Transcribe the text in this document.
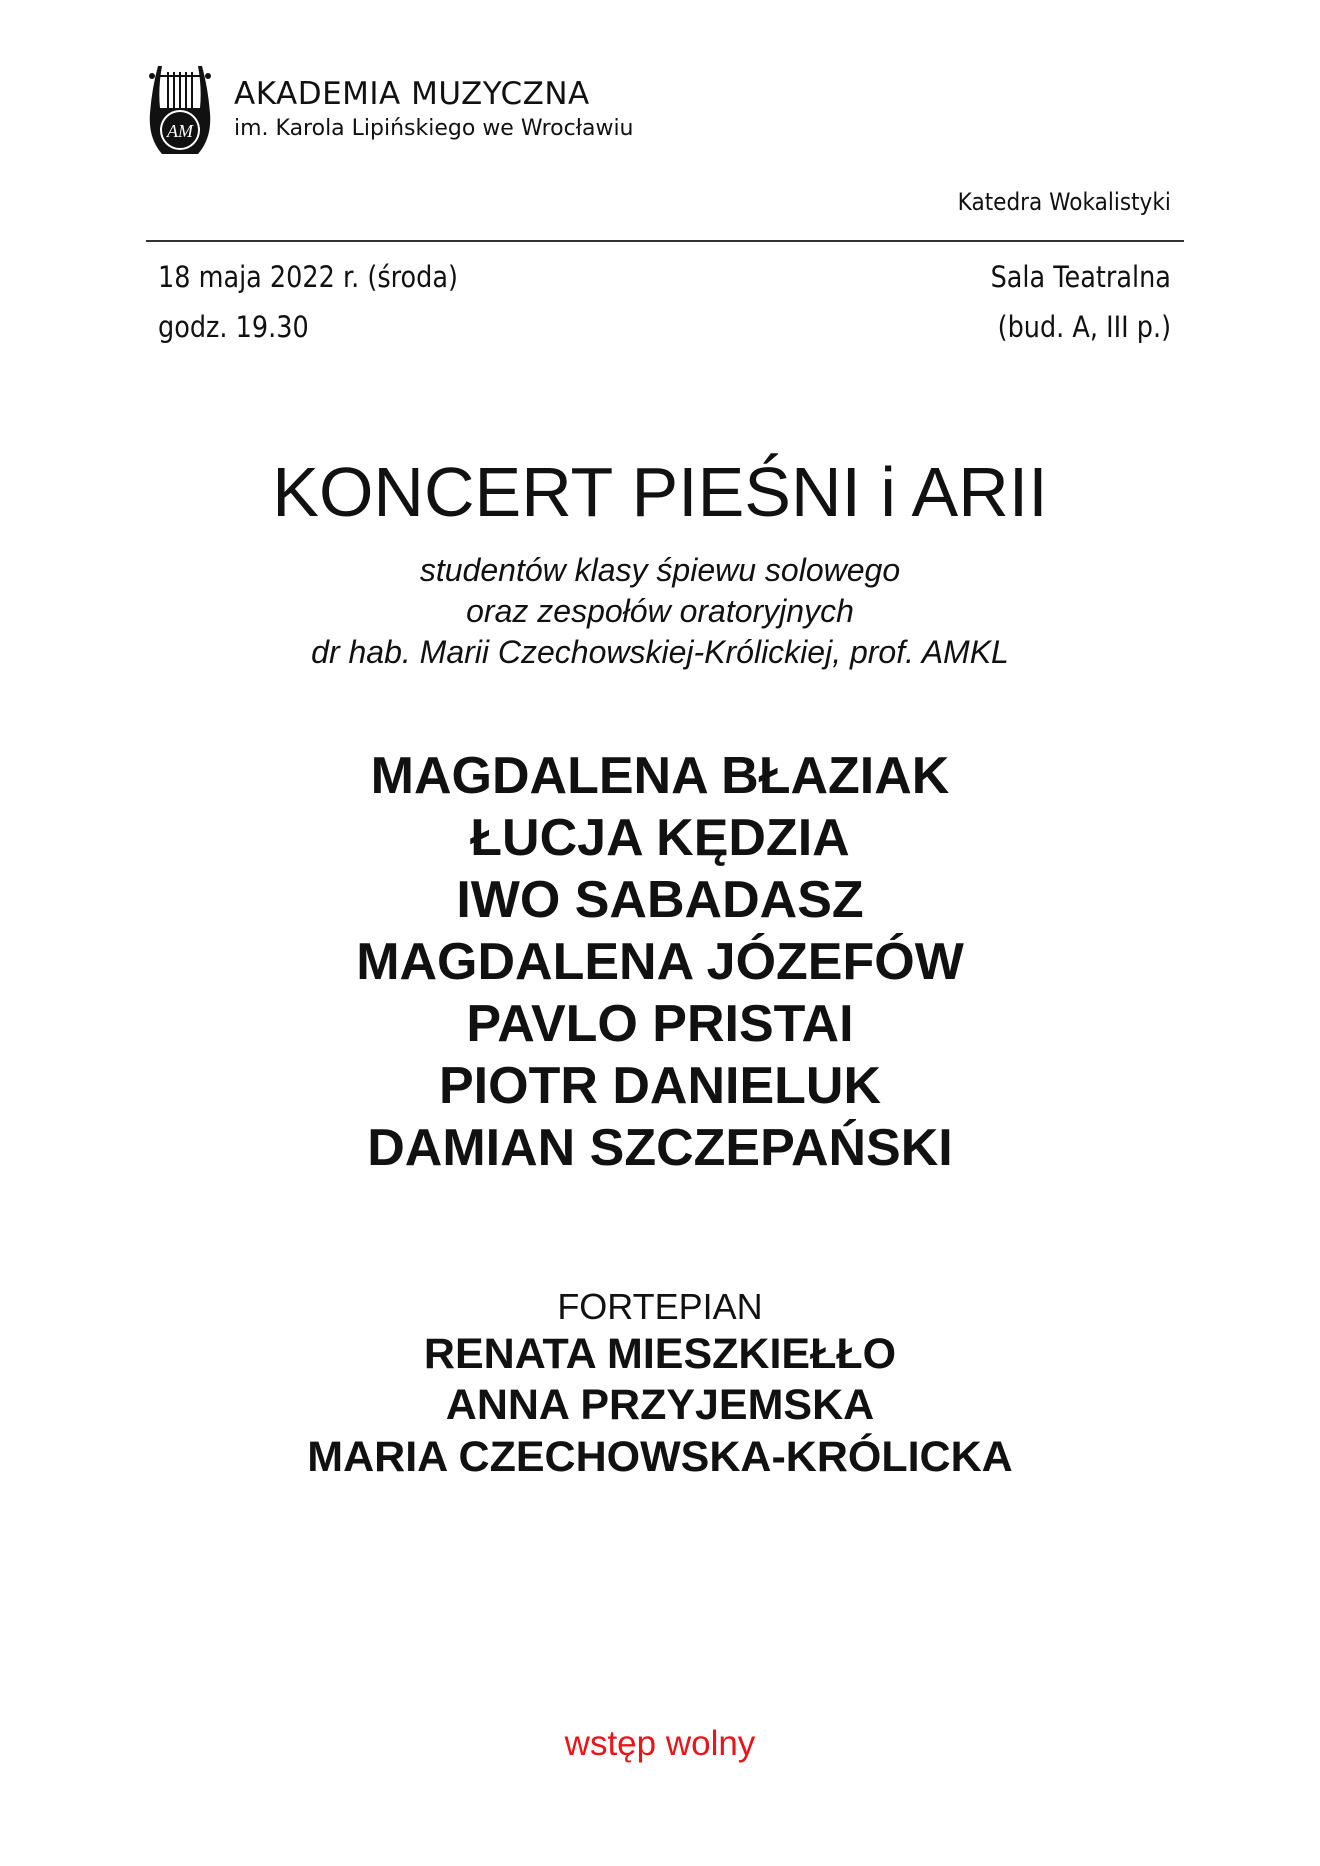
AM
AKADEMIA MUZYCZNA
im. Karola Lipińskiego we Wrocławiu
Katedra Wokalistyki
18 maja 2022 r. (środa)
godz. 19.30
Sala Teatralna
(bud. A, III p.)
KONCERT PIEŚNI i ARII
studentów klasy śpiewu solowego
oraz zespołów oratoryjnych
dr hab. Marii Czechowskiej-Królickiej, prof. AMKL
MAGDALENA BŁAZIAK
ŁUCJA KĘDZIA
IWO SABADASZ
MAGDALENA JÓZEFÓW
PAVLO PRISTAI
PIOTR DANIELUK
DAMIAN SZCZEPAŃSKI
FORTEPIAN
RENATA MIESZKIEŁŁO
ANNA PRZYJEMSKA
MARIA CZECHOWSKA-KRÓLICKA
wstęp wolny
